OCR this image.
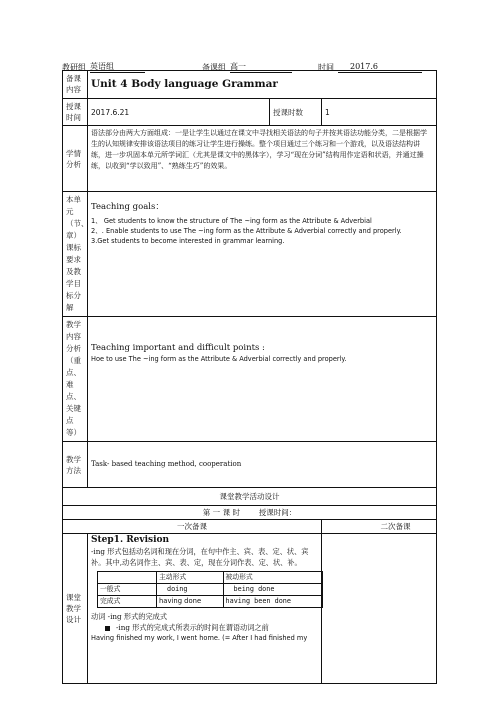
教研组 英语组	备课组 高一	时间	2017.6
备课内容	Unit 4 Body language Grammar
授课时间	2017.6.21	授课时数	1
学情分析	语法部分由两大方面组成：一是让学生以通过在课文中寻找相关语法的句子并按其语法功能分类，二是根据学生的认知规律安排该语法项目的练习让学生进行操练。整个项目通过三个练习和一个游戏，以及语法结构讲练，进一步巩固本单元所学词汇（尤其是课文中的黑体字），学习“现在分词”结构用作定语和状语，并通过操练，以收到“学以致用”、“熟练生巧”的效果。
本单元（节、章）课标要求及教学目标分解	
Teaching goals：
1、 Get students to know the structure of The ~ing form as the Attribute & Adverbial
2、. Enable students to use The ~ing form as the Attribute & Adverbial correctly and properly.
3.Get students to become interested in grammar learning.

教学内容分析（重点、难点、关键点等）	
Teaching important and difficult points :
Hoe to use The ~ing form as the Attribute & Adverbial correctly and properly.

教学方法	Task- based teaching method, cooperation
课堂教学活动设计
第 一 课 时	授课时间：
一次备课	二次备课
课堂教学设计	
Step1. Revision
-ing 形式包括动名词和现在分词，在句中作主、宾、表、定、状、宾补。其中,动名词作主、宾、表、定，现在分词作表、定、状、补。
	主动形式	被动形式
一般式	doing	being done
完成式	having done	having been done
动词 -ing 形式的完成式
-ing 形式的完成式所表示的时间在谓语动词之前
Having finished my work, I went home. (= After I had finished my
